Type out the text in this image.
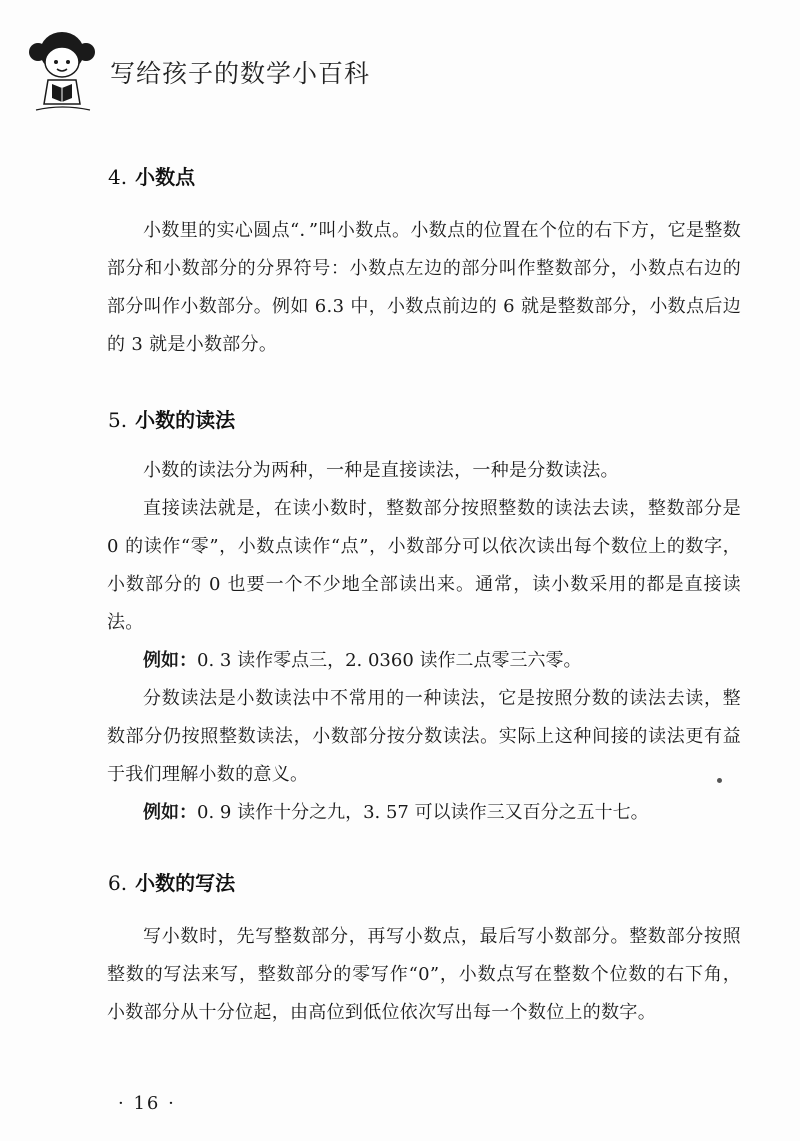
写给孩子的数学小百科
4. 小数点
小数里的实心圆点“．”叫小数点。小数点的位置在个位的右下方，它是整数部分和小数部分的分界符号：小数点左边的部分叫作整数部分，小数点右边的部分叫作小数部分。例如 6.3 中，小数点前边的 6 就是整数部分，小数点后边的 3 就是小数部分。
5. 小数的读法
小数的读法分为两种，一种是直接读法，一种是分数读法。
直接读法就是，在读小数时，整数部分按照整数的读法去读，整数部分是 0 的读作“零”，小数点读作“点”，小数部分可以依次读出每个数位上的数字，小数部分的 0 也要一个不少地全部读出来。通常，读小数采用的都是直接读法。
例如：0. 3 读作零点三，2. 0360 读作二点零三六零。
分数读法是小数读法中不常用的一种读法，它是按照分数的读法去读，整数部分仍按照整数读法，小数部分按分数读法。实际上这种间接的读法更有益于我们理解小数的意义。
例如：0. 9 读作十分之九，3. 57 可以读作三又百分之五十七。
6. 小数的写法
写小数时，先写整数部分，再写小数点，最后写小数部分。整数部分按照整数的写法来写，整数部分的零写作“0”，小数点写在整数个位数的右下角，小数部分从十分位起，由高位到低位依次写出每一个数位上的数字。
· 16 ·
